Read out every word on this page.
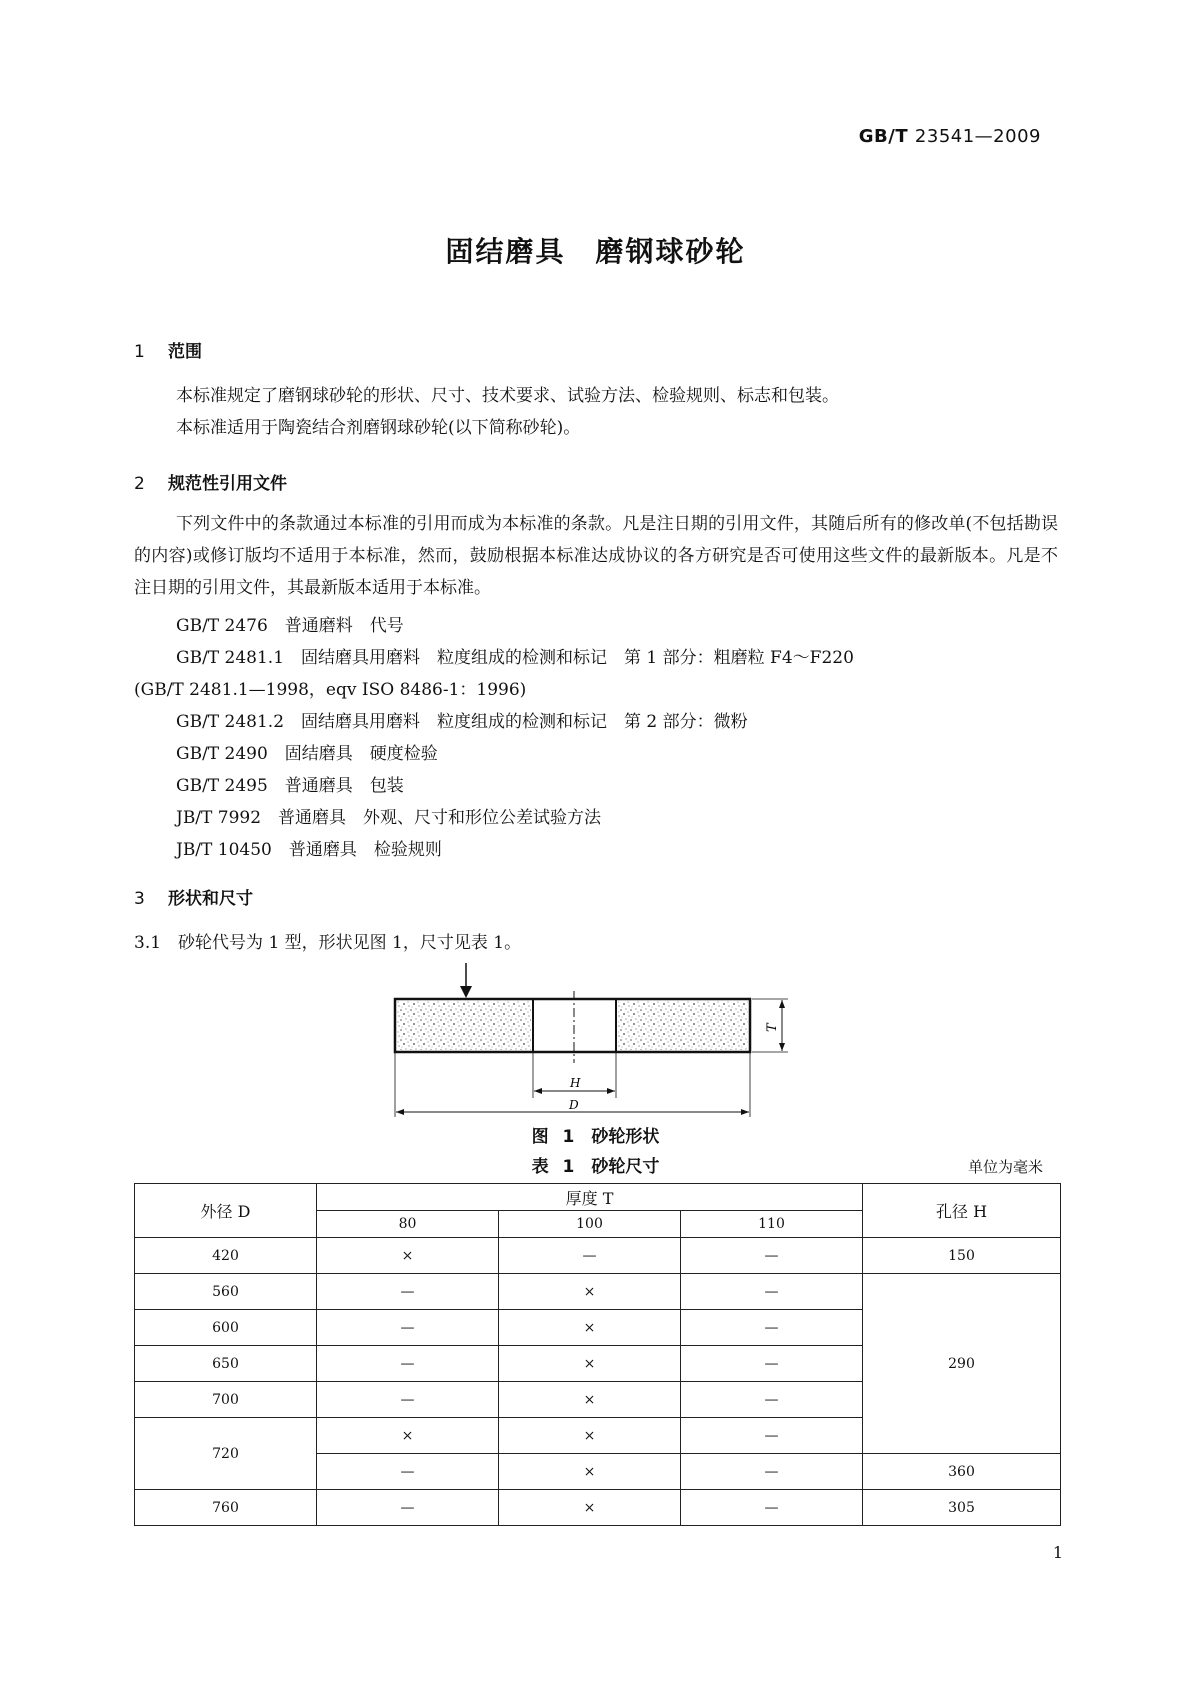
GB/T 23541—2009
固结磨具　磨钢球砂轮
1 范围
本标准规定了磨钢球砂轮的形状、尺寸、技术要求、试验方法、检验规则、标志和包装。
本标准适用于陶瓷结合剂磨钢球砂轮(以下简称砂轮)。
2 规范性引用文件
下列文件中的条款通过本标准的引用而成为本标准的条款。凡是注日期的引用文件，其随后所有的修改单(不包括勘误的内容)或修订版均不适用于本标准，然而，鼓励根据本标准达成协议的各方研究是否可使用这些文件的最新版本。凡是不注日期的引用文件，其最新版本适用于本标准。
GB/T 2476　普通磨料　代号
GB/T 2481.1　固结磨具用磨料　粒度组成的检测和标记　第 1 部分：粗磨粒 F4～F220
(GB/T 2481.1—1998，eqv ISO 8486-1：1996)
GB/T 2481.2　固结磨具用磨料　粒度组成的检测和标记　第 2 部分：微粉
GB/T 2490　固结磨具　硬度检验
GB/T 2495　普通磨具　包装
JB/T 7992　普通磨具　外观、尺寸和形位公差试验方法
JB/T 10450　普通磨具　检验规则
3 形状和尺寸
3.1　砂轮代号为 1 型，形状见图 1，尺寸见表 1。
T
H
D
图 1　砂轮形状
表 1　砂轮尺寸	单位为毫米
外径 D	厚度 T			孔径 H
	80	100	110	
420	×	—	—	150
560	—	×	—	290
600	—	×	—	
650	—	×	—	
700	—	×	—	
720	×	×	—	
	—	×	—	360
760	—	×	—	305
1
